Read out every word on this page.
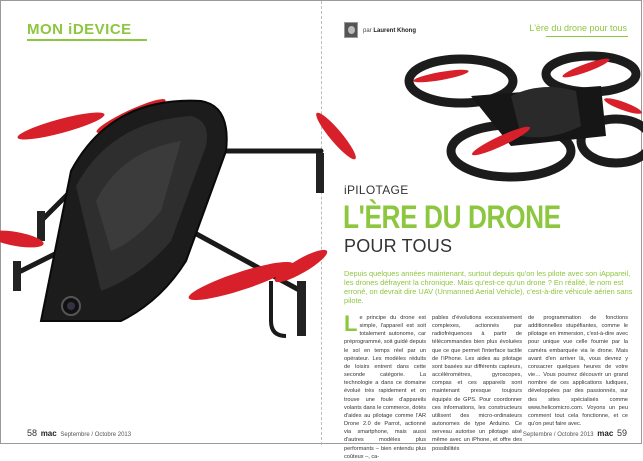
MON iDEVICE	par Laurent Khong	L'ère du drone pour tous
iPILOTAGE
L'ÈRE DU DRONE
POUR TOUS

Depuis quelques années maintenant, surtout depuis qu'on les pilote avec son iAppareil, les drones défrayent la chronique. Mais qu'est-ce qu'un drone ? En réalité, le nom est erroné, on devrait dire UAV (Unmanned Aerial Vehicle), c'est-à-dire véhicule aérien sans pilote.

Le principe du drone est simple, l'appareil est soit totalement autonome, car préprogrammé, soit guidé depuis le sol en temps réel par un opérateur. Les modèles réduits de loisirs entrent dans cette seconde catégorie. La technologie a dans ce domaine évolué très rapidement et on trouve une foule d'appareils volants dans le commerce, dotés d'aides au pilotage comme l'AR Drone 2.0 de Parrot, actionné via smartphone, mais aussi d'autres modèles plus performants – bien entendu plus coûteux –, ca-
pables d'évolutions excessivement complexes, actionnés par radiofréquences à partir de télécommandes bien plus évoluées que ce que permet l'interface tactile de l'iPhone. Les aides au pilotage sont basées sur différents capteurs, accéléromètres, gyroscopes, compas et ces appareils sont maintenant presque toujours équipés de GPS. Pour coordonner ces informations, les constructeurs utilisent des micro-ordinateurs autonomes de type Arduino. Ce serveau autorise un pilotage aisé même avec un iPhone, et offre des possibilités
de programmation de fonctions additionnelles stupéfiantes, comme le pilotage en immersion, c'est-à-dire avec pour unique vue celle fournie par la caméra embarquée via le drone. Mais avant d'en arriver là, vous devrez y consacrer quelques heures de votre vie… Vous pourrez découvrir un grand nombre de ces applications ludiques, développées par des passionnés, sur des sites spécialisés comme www.helicomicro.com. Voyons un peu comment tout cela fonctionne, et ce qu'on peut faire avec.
58 mac Septembre / Octobre 2013	Septembre / Octobre 2013 mac 59
